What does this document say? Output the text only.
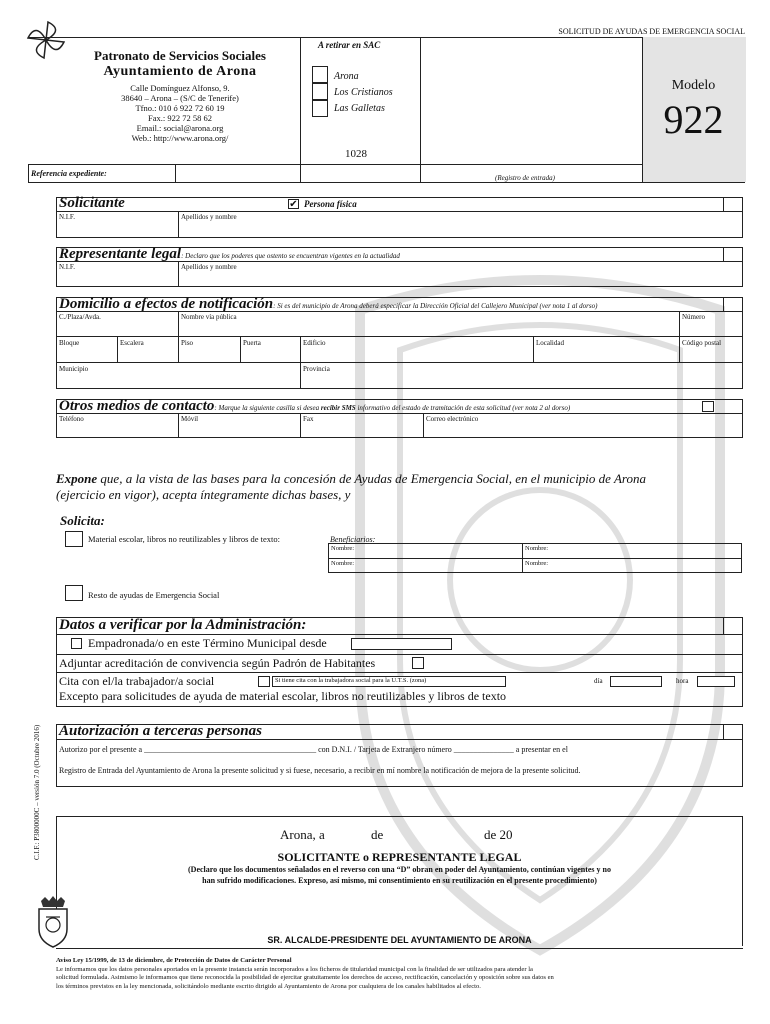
SOLICITUD DE AYUDAS DE EMERGENCIA SOCIAL
Patronato de Servicios Sociales
Ayuntamiento de Arona
Calle Domínguez Alfonso, 9.
38640 – Arona – (S/C de Tenerife)
Tfno.: 010 ó 922 72 60 19
Fax.: 922 72 58 62
Email.: social@arona.org
Web.: http://www.arona.org/
A retirar en SAC
Arona
Los Cristianos
Las Galletas
1028
Modelo
922
Referencia expediente:	(Registro de entrada)
Solicitante	✔ Persona física
N.I.F.	Apellidos y nombre
Representante legal: Declaro que los poderes que ostento se encuentran vigentes en la actualidad
N.I.F.	Apellidos y nombre
Domicilio a efectos de notificación: Si es del municipio de Arona deberá especificar la Dirección Oficial del Callejero Municipal (ver nota 1 al dorso)
C./Plaza/Avda.	Nombre vía pública	Número
Bloque	Escalera	Piso	Puerta	Edificio	Localidad	Código postal
Municipio	Provincia
Otros medios de contacto: Marque la siguiente casilla si desea recibir SMS informativo del estado de tramitación de esta solicitud (ver nota 2 al dorso)
Teléfono	Móvil	Fax	Correo electrónico
Expone que, a la vista de las bases para la concesión de Ayudas de Emergencia Social, en el municipio de Arona
(ejercicio en vigor), acepta íntegramente dichas bases, y
Solicita:
Material escolar, libros no reutilizables y libros de texto:	Beneficiarios:
Nombre:	Nombre:
Nombre:	Nombre:
Resto de ayudas de Emergencia Social
Datos a verificar por la Administración:
Empadronada/o en este Término Municipal desde
Adjuntar acreditación de convivencia según Padrón de Habitantes
Cita con el/la trabajador/a social	Si tiene cita con la trabajadora social para la U.T.S. (zona)	día	hora
Excepto para solicitudes de ayuda de material escolar, libros no reutilizables y libros de texto
Autorización a terceras personas
Autorizo por el presente a ___________________________________________ con D.N.I. / Tarjeta de Extranjero número _______________ a presentar en el
Registro de Entrada del Ayuntamiento de Arona la presente solicitud y si fuese, necesario, a recibir en mí nombre la notificación de mejora de la presente solicitud.
C.I.F.: P3800000C – versión 7.0 (Octubre 2016)	Arona, a	de	de 20
SOLICITANTE o REPRESENTANTE LEGAL
(Declaro que los documentos señalados en el reverso con una “D” obran en poder del Ayuntamiento, continúan vigentes y no
han sufrido modificaciones. Expreso, así mismo, mi consentimiento en su reutilización en el presente procedimiento)
SR. ALCALDE-PRESIDENTE DEL AYUNTAMIENTO DE ARONA
Aviso Ley 15/1999, de 13 de diciembre, de Protección de Datos de Carácter Personal
Le informamos que los datos personales aportados en la presente instancia serán incorporados a los ficheros de titularidad municipal con la finalidad de ser utilizados para atender la
solicitud formulada. Asimismo le informamos que tiene reconocida la posibilidad de ejercitar gratuitamente los derechos de acceso, rectificación, cancelación y oposición sobre sus datos en
los términos previstos en la ley mencionada, solicitándolo mediante escrito dirigido al Ayuntamiento de Arona por cualquiera de los canales habilitados al efecto.
